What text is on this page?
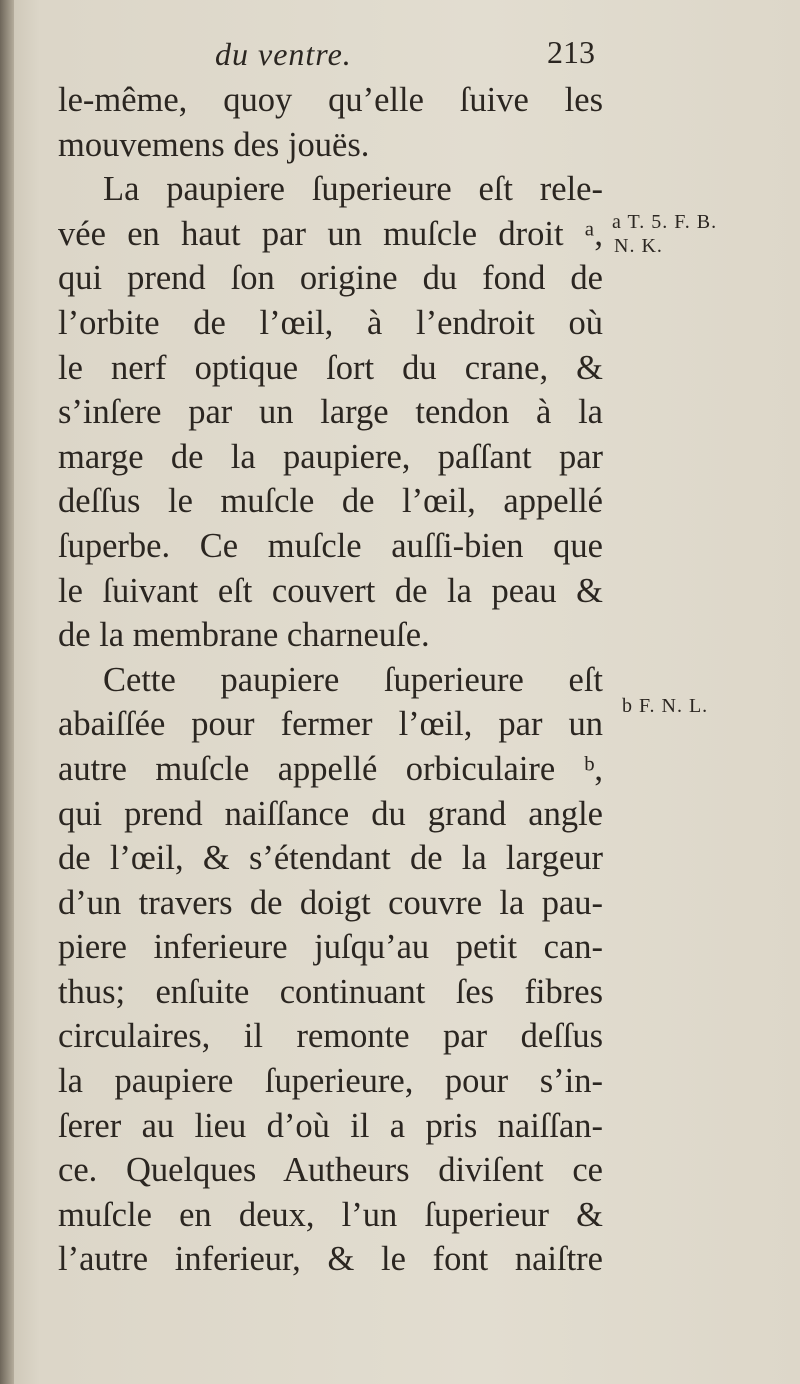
du ventre.	213
le-même, quoy qu’elle ſuive les
mouvemens des jouës.
La paupiere ſuperieure eſt rele-
vée en haut par un muſcle droit ᵃ,
qui prend ſon origine du fond de
l’orbite de l’œil, à l’endroit où
le nerf optique ſort du crane, &
s’inſere par un large tendon à la
marge de la paupiere, paſſant par
deſſus le muſcle de l’œil, appellé
ſuperbe. Ce muſcle auſſi-bien que
le ſuivant eſt couvert de la peau &
de la membrane charneuſe.
Cette paupiere ſuperieure eſt
abaiſſée pour fermer l’œil, par un
autre muſcle appellé orbiculaire ᵇ,
qui prend naiſſance du grand angle
de l’œil, & s’étendant de la largeur
d’un travers de doigt couvre la pau-
piere inferieure juſqu’au petit can-
thus; enſuite continuant ſes fibres
circulaires, il remonte par deſſus
la paupiere ſuperieure, pour s’in-
ſerer au lieu d’où il a pris naiſſan-
ce. Quelques Autheurs diviſent ce
muſcle en deux, l’un ſuperieur &
l’autre inferieur, & le font naiſtre
a T. 5. F. B.
N. K.
b F. N. L.
